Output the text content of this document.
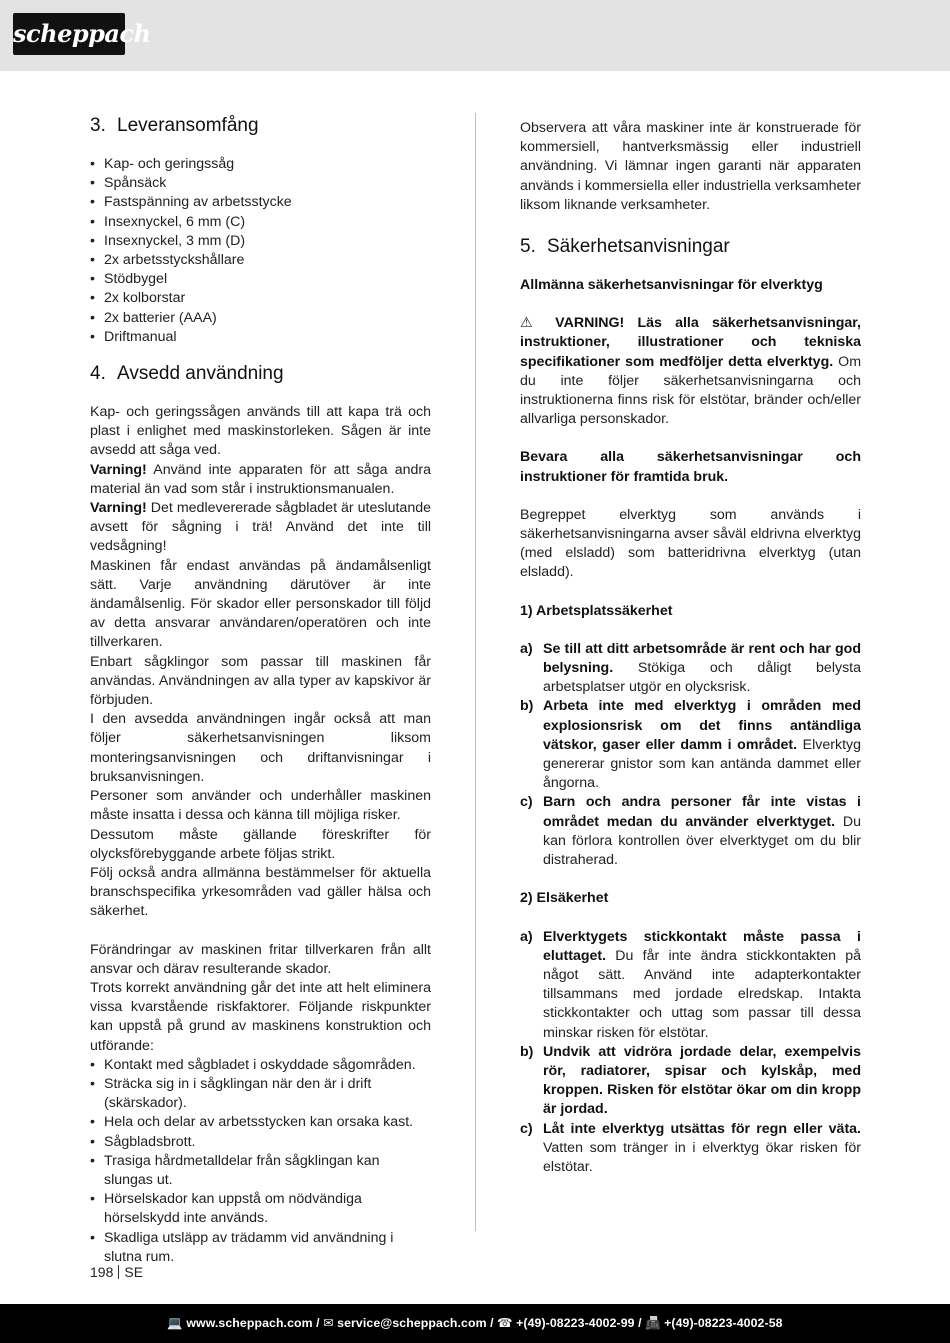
scheppach
3. Leveransomfång
• Kap- och geringssåg
• Spånsäck
• Fastspänning av arbetsstycke
• Insexnyckel, 6 mm (C)
• Insexnyckel, 3 mm (D)
• 2x arbetsstyckshållare
• Stödbygel
• 2x kolborstar
• 2x batterier (AAA)
• Driftmanual
4. Avsedd användning

Kap- och geringssågen används till att kapa trä och plast i enlighet med maskinstorleken. Sågen är inte avsedd att såga ved.

Varning! Använd inte apparaten för att såga andra material än vad som står i instruktionsmanualen.

Varning! Det medlevererade sågbladet är uteslutande avsett för sågning i trä! Använd det inte till vedsågning!

Maskinen får endast användas på ändamålsenligt sätt. Varje användning därutöver är inte ändamålsenlig. För skador eller personskador till följd av detta ansvarar användaren/operatören och inte tillverkaren.

Enbart sågklingor som passar till maskinen får användas. Användningen av alla typer av kapskivor är förbjuden.

I den avsedda användningen ingår också att man följer säkerhetsanvisningen liksom monteringsanvisningen och driftanvisningar i bruksanvisningen.

Personer som använder och underhåller maskinen måste insatta i dessa och känna till möjliga risker.

Dessutom måste gällande föreskrifter för olycksförebyggande arbete följas strikt.

Följ också andra allmänna bestämmelser för aktuella branschspecifika yrkesområden vad gäller hälsa och säkerhet.

Förändringar av maskinen fritar tillverkaren från allt ansvar och därav resulterande skador.

Trots korrekt användning går det inte att helt eliminera vissa kvarstående riskfaktorer. Följande riskpunkter kan uppstå på grund av maskinens konstruktion och utförande:

• Kontakt med sågbladet i oskyddade sågområden.
• Sträcka sig in i sågklingan när den är i drift (skärskador).
• Hela och delar av arbetsstycken kan orsaka kast.
• Sågbladsbrott.
• Trasiga hårdmetalldelar från sågklingan kan slungas ut.
• Hörselskador kan uppstå om nödvändiga hörselskydd inte används.
• Skadliga utsläpp av trädamm vid användning i slutna rum.

Observera att våra maskiner inte är konstruerade för kommersiell, hantverksmässig eller industriell användning. Vi lämnar ingen garanti när apparaten används i kommersiella eller industriella verksamheter liksom liknande verksamheter.

5. Säkerhetsanvisningar

Allmänna säkerhetsanvisningar för elverktyg

⚠ VARNING! Läs alla säkerhetsanvisningar, instruktioner, illustrationer och tekniska specifikationer som medföljer detta elverktyg. Om du inte följer säkerhetsanvisningarna och instruktionerna finns risk för elstötar, bränder och/eller allvarliga personskador.

Bevara alla säkerhetsanvisningar och instruktioner för framtida bruk.

Begreppet elverktyg som används i säkerhetsanvisningarna avser såväl eldrivna elverktyg (med elsladd) som batteridrivna elverktyg (utan elsladd).

1) Arbetsplatssäkerhet

a) Se till att ditt arbetsområde är rent och har god belysning. Stökiga och dåligt belysta arbetsplatser utgör en olycksrisk.
b) Arbeta inte med elverktyg i områden med explosionsrisk om det finns antändliga vätskor, gaser eller damm i området. Elverktyg genererar gnistor som kan antända dammet eller ångorna.
c) Barn och andra personer får inte vistas i området medan du använder elverktyget. Du kan förlora kontrollen över elverktyget om du blir distraherad.

2) Elsäkerhet

a) Elverktygets stickkontakt måste passa i eluttaget. Du får inte ändra stickkontakten på något sätt. Använd inte adapterkontakter tillsammans med jordade elredskap. Intakta stickkontakter och uttag som passar till dessa minskar risken för elstötar.
b) Undvik att vidröra jordade delar, exempelvis rör, radiatorer, spisar och kylskåp, med kroppen. Risken för elstötar ökar om din kropp är jordad.
c) Låt inte elverktyg utsättas för regn eller väta. Vatten som tränger in i elverktyg ökar risken för elstötar.
198 SE
💻 www.scheppach.com / ✉ service@scheppach.com / ☎ +(49)-08223-4002-99 / 📠 +(49)-08223-4002-58
